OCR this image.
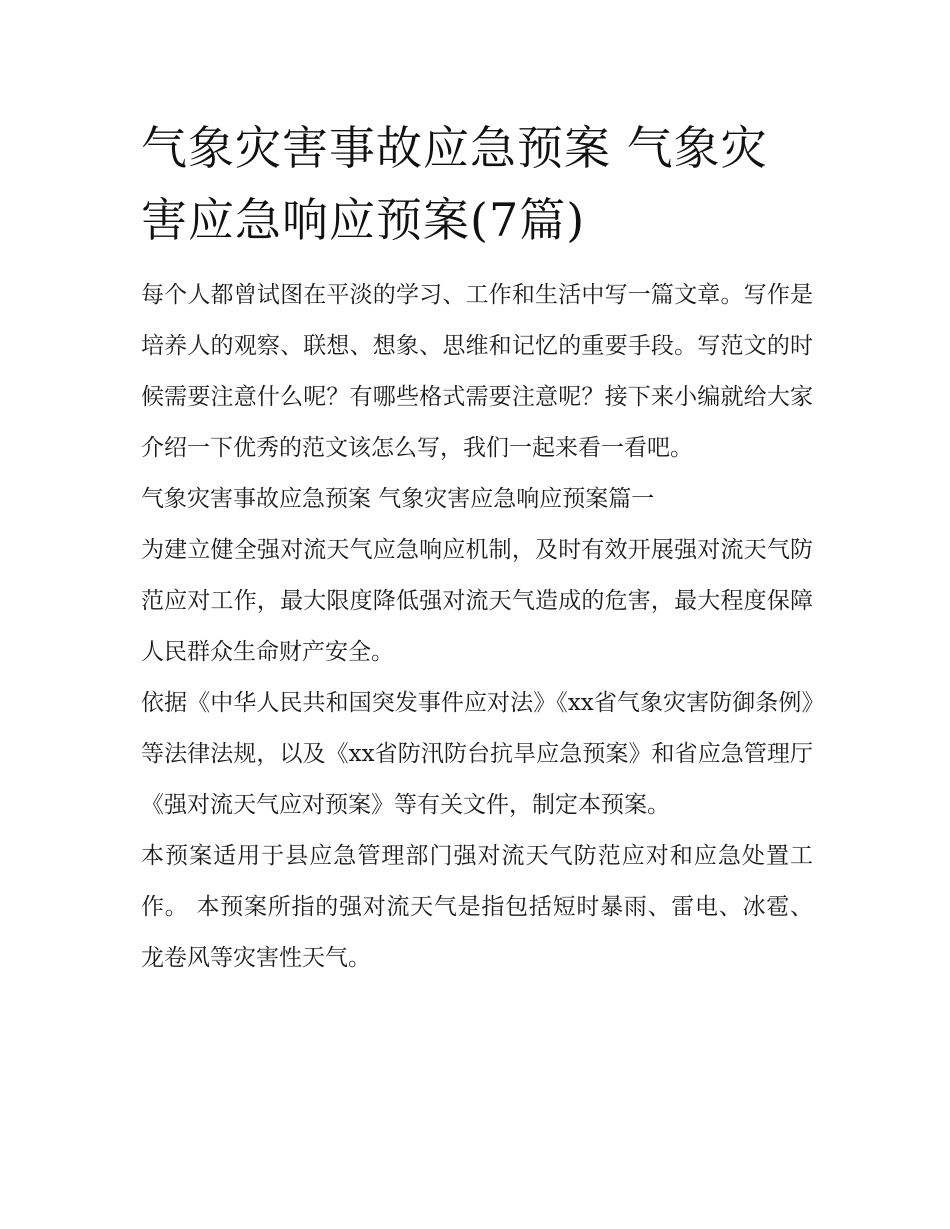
气象灾害事故应急预案 气象灾害应急响应预案(7篇)

每个人都曾试图在平淡的学习、工作和生活中写一篇文章。写作是培养人的观察、联想、想象、思维和记忆的重要手段。写范文的时候需要注意什么呢？有哪些格式需要注意呢？接下来小编就给大家介绍一下优秀的范文该怎么写，我们一起来看一看吧。

气象灾害事故应急预案 气象灾害应急响应预案篇一

为建立健全强对流天气应急响应机制，及时有效开展强对流天气防范应对工作，最大限度降低强对流天气造成的危害，最大程度保障人民群众生命财产安全。

依据《中华人民共和国突发事件应对法》《xx省气象灾害防御条例》等法律法规，以及《xx省防汛防台抗旱应急预案》和省应急管理厅《强对流天气应对预案》等有关文件，制定本预案。

本预案适用于县应急管理部门强对流天气防范应对和应急处置工作。 本预案所指的强对流天气是指包括短时暴雨、雷电、冰雹、龙卷风等灾害性天气。
